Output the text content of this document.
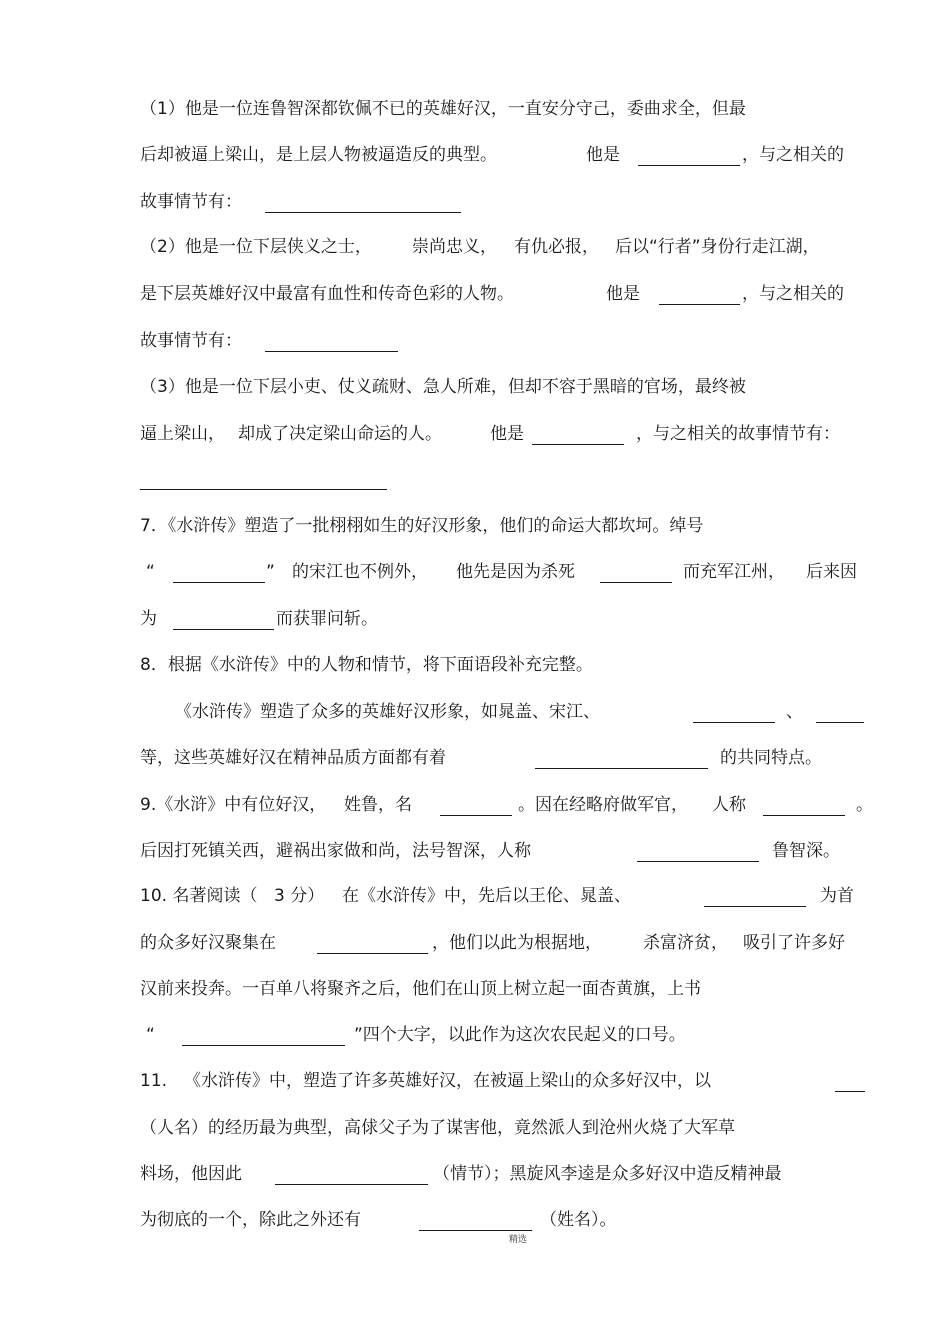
（1）他是一位连鲁智深都钦佩不已的英雄好汉，一直安分守己，委曲求全，但最
后却被逼上梁山，是上层人物被逼造反的典型。	他是	，与之相关的
故事情节有：
（2）他是一位下层侠义之士， 崇尚忠义， 有仇必报， 后以“行者”身份行走江湖，
是下层英雄好汉中最富有血性和传奇色彩的人物。	他是	，与之相关的
故事情节有：
（3）他是一位下层小吏、仗义疏财、急人所难，但却不容于黑暗的官场，最终被
逼上梁山， 却成了决定梁山命运的人。	他是	，与之相关的故事情节有：
7．《水浒传》塑造了一批栩栩如生的好汉形象，他们的命运大都坎坷。绰号
“	” 的宋江也不例外， 他先是因为杀死	而充军江州， 后来因
为	而获罪问斩。
8．根据《水浒传》中的人物和情节，将下面语段补充完整。
《水浒传》塑造了众多的英雄好汉形象，如晁盖、宋江、	、
等，这些英雄好汉在精神品质方面都有着	的共同特点。
9.《水浒》中有位好汉， 姓鲁，名	。因在经略府做军官， 人称	。
后因打死镇关西，避祸出家做和尚，法号智深，人称	鲁智深。
10. 名著阅读（ 3 分） 在《水浒传》中，先后以王伦、晁盖、	为首
的众多好汉聚集在	，他们以此为根据地， 杀富济贫， 吸引了许多好
汉前来投奔。一百单八将聚齐之后，他们在山顶上树立起一面杏黄旗，上书
“	”四个大字，以此作为这次农民起义的口号。
11. 《水浒传》中，塑造了许多英雄好汉，在被逼上梁山的众多好汉中，以
（人名）的经历最为典型，高俅父子为了谋害他，竟然派人到沧州火烧了大军草
料场，他因此	（情节）；黑旋风李逵是众多好汉中造反精神最
为彻底的一个，除此之外还有	（姓名）。
精选
